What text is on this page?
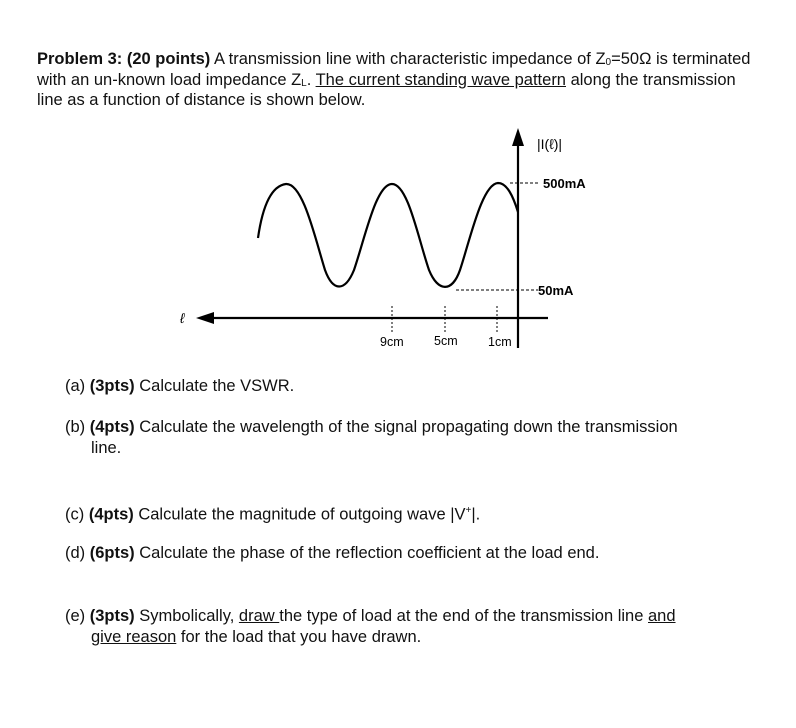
Problem 3: (20 points) A transmission line with characteristic impedance of $Z_0=50\Omega$ is terminated with an un-known load impedance $Z_L$. The current standing wave pattern along the transmission line as a function of distance is shown below.
|I(ℓ)|
500mA
50mA
ℓ
9cm 5cm 1cm
(a) (3pts) Calculate the VSWR.
(b) (4pts) Calculate the wavelength of the signal propagating down the transmission
line.
(c) (4pts) Calculate the magnitude of outgoing wave |V+|.
(d) (6pts) Calculate the phase of the reflection coefficient at the load end.
(e) (3pts) Symbolically, draw the type of load at the end of the transmission line and
give reason for the load that you have drawn.
